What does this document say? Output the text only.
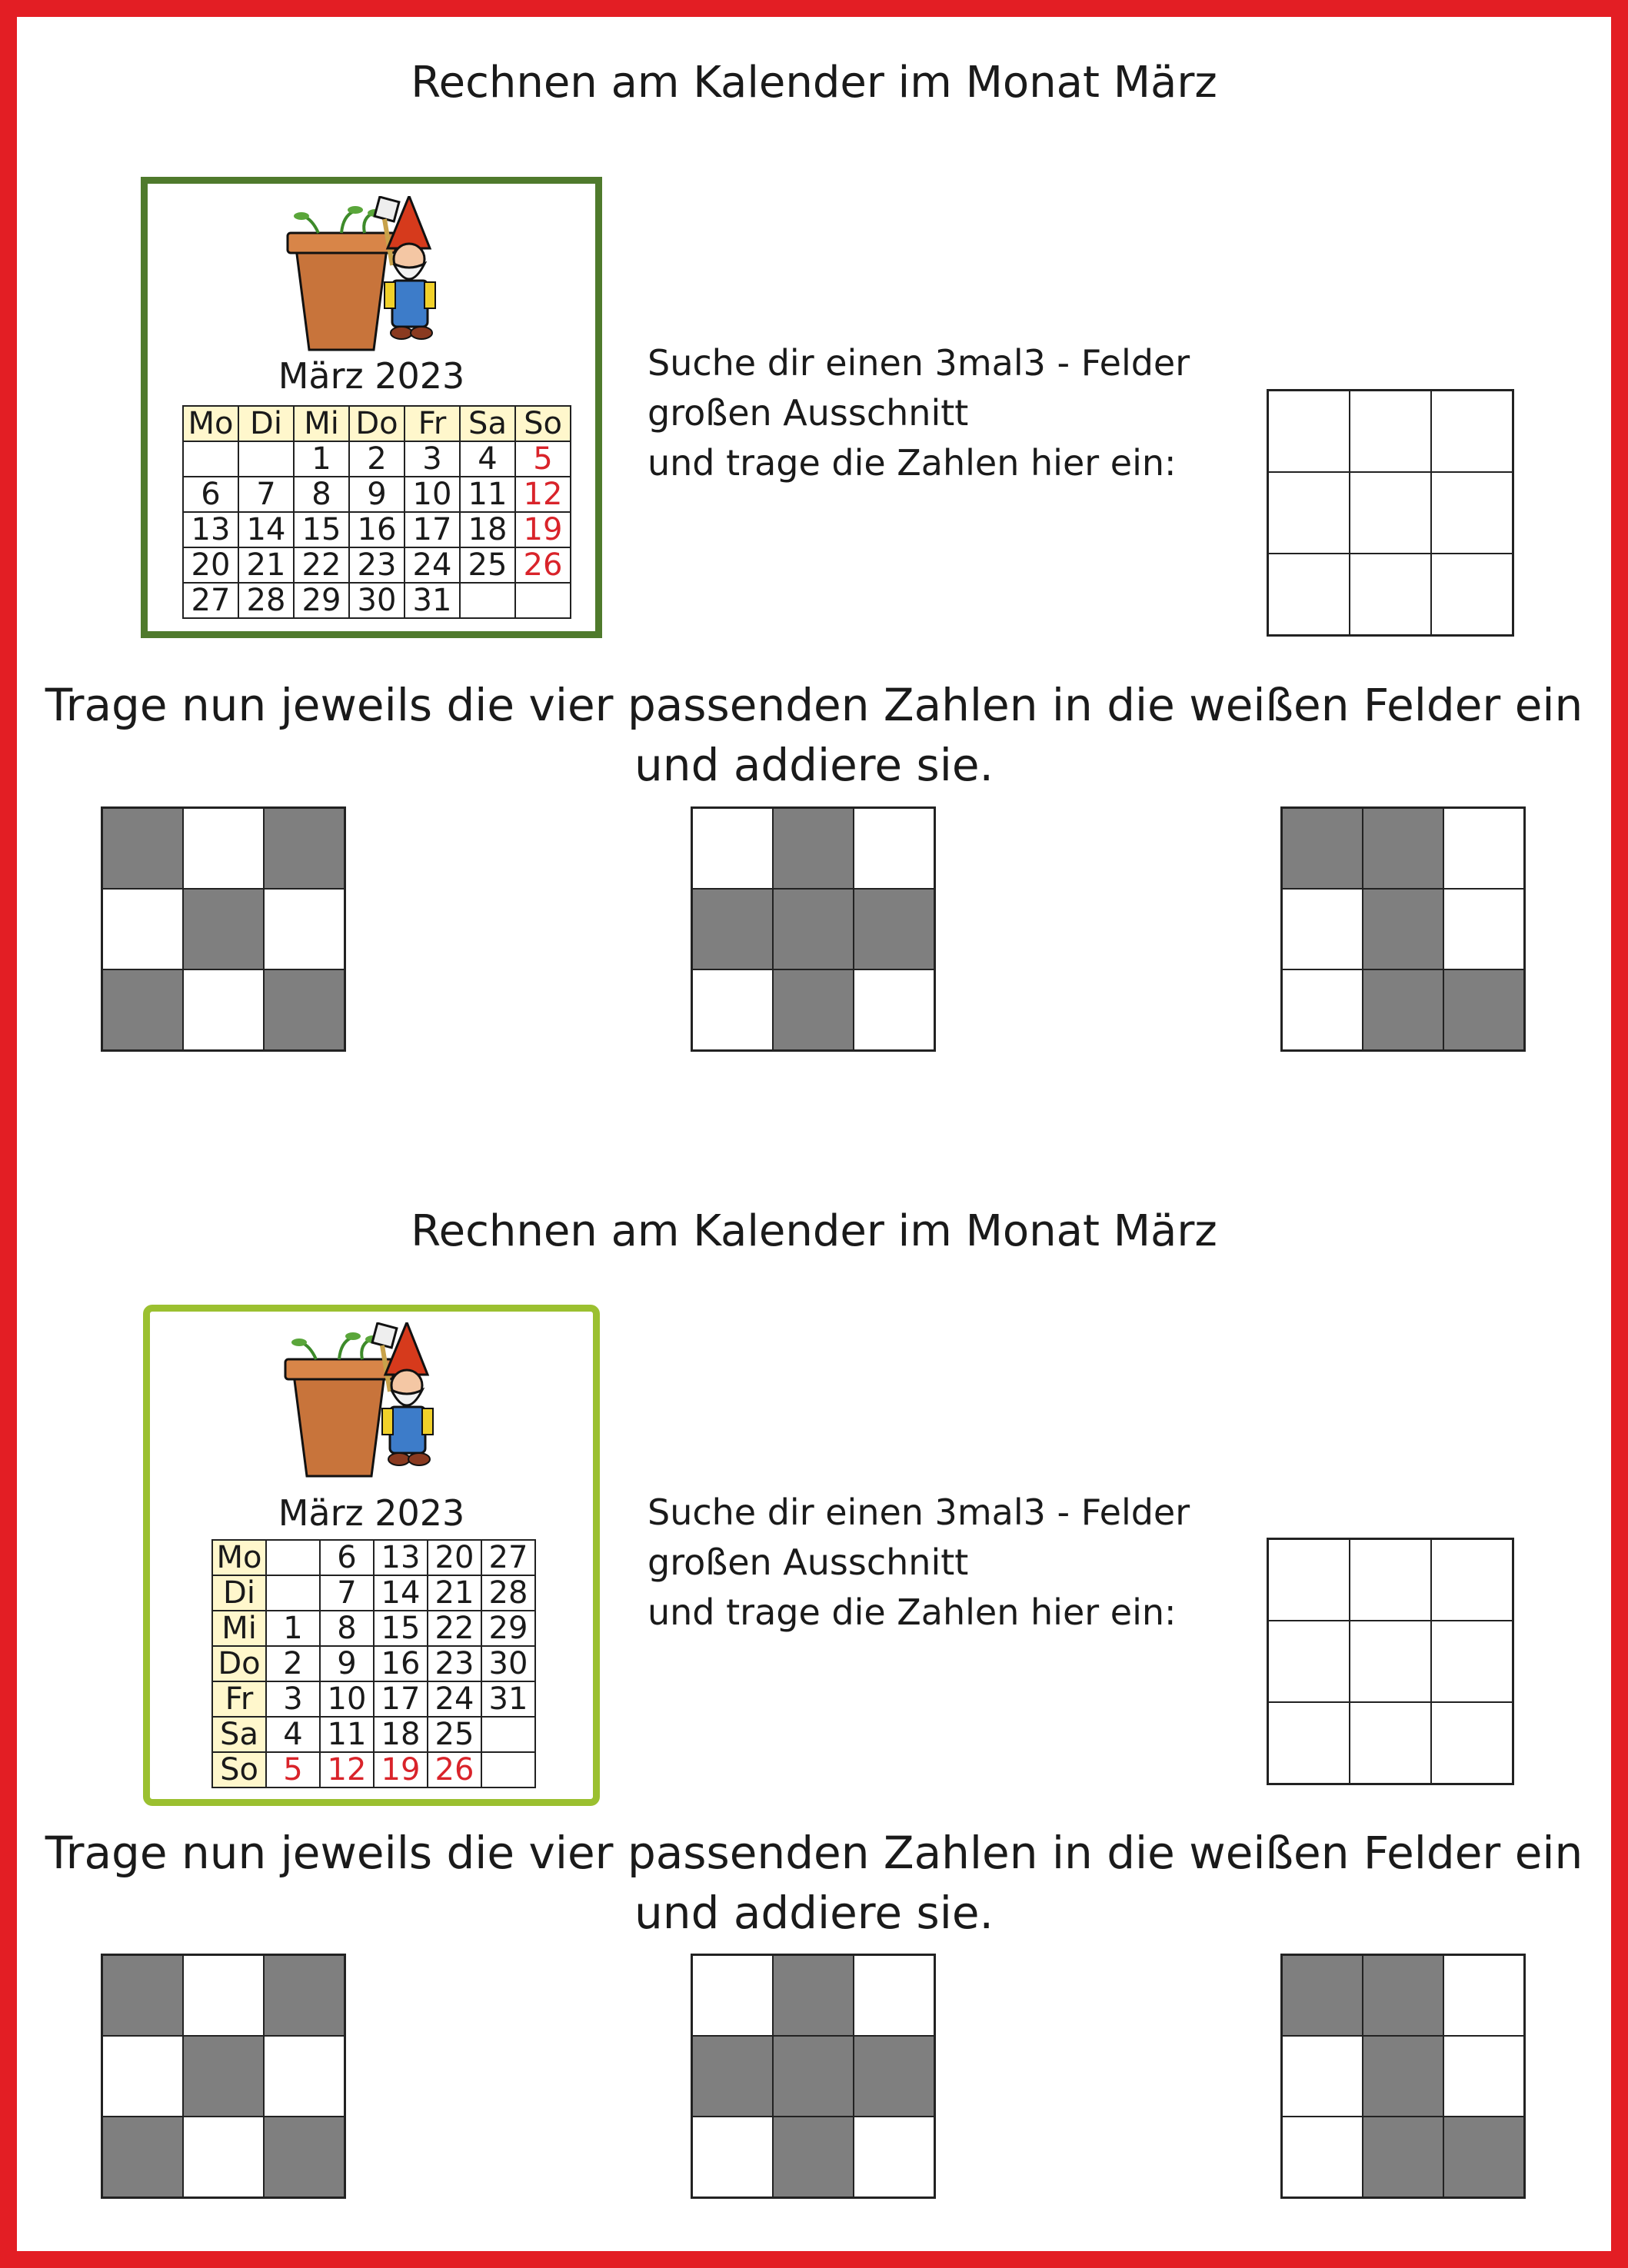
Rechnen am Kalender im Monat März
März 2023
Mo	Di	Mi	Do	Fr	Sa	So
		1	2	3	4	5
6	7	8	9	10	11	12
13	14	15	16	17	18	19
20	21	22	23	24	25	26
27	28	29	30	31		
Suche dir einen 3mal3 - Felder
großen Ausschnitt
und trage die Zahlen hier ein:
Trage nun jeweils die vier passenden Zahlen in die weißen Felder ein
und addiere sie.
Rechnen am Kalender im Monat März
März 2023
Mo		6	13	20	27
Di		7	14	21	28
Mi	1	8	15	22	29
Do	2	9	16	23	30
Fr	3	10	17	24	31
Sa	4	11	18	25	
So	5	12	19	26	
Suche dir einen 3mal3 - Felder
großen Ausschnitt
und trage die Zahlen hier ein:
Trage nun jeweils die vier passenden Zahlen in die weißen Felder ein
und addiere sie.
